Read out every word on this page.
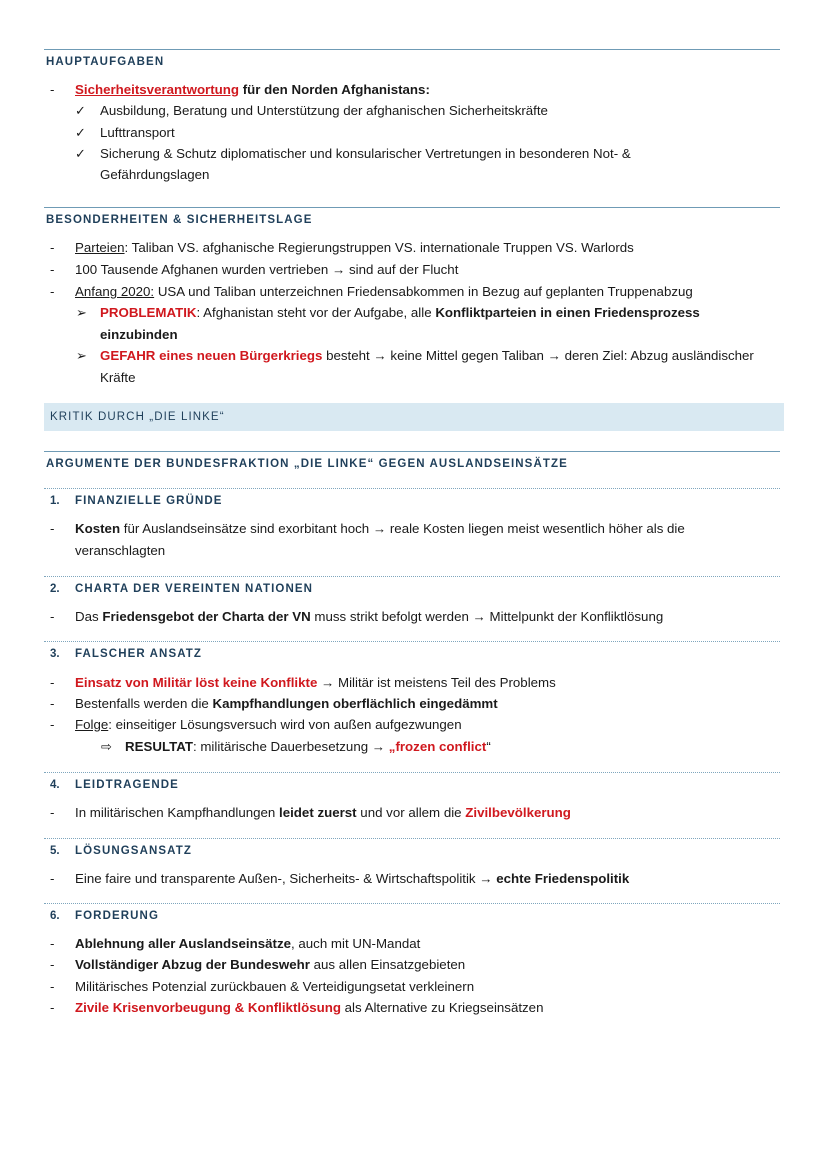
HAUPTAUFGABEN
- Sicherheitsverantwortung für den Norden Afghanistans:
✓ Ausbildung, Beratung und Unterstützung der afghanischen Sicherheitskräfte
✓ Lufttransport
✓ Sicherung & Schutz diplomatischer und konsularischer Vertretungen in besonderen Not- &
Gefährdungslagen
BESONDERHEITEN & SICHERHEITSLAGE
- Parteien: Taliban VS. afghanische Regierungstruppen VS. internationale Truppen VS. Warlords
- 100 Tausende Afghanen wurden vertrieben → sind auf der Flucht
- Anfang 2020: USA und Taliban unterzeichnen Friedensabkommen in Bezug auf geplanten Truppenabzug
➢ PROBLEMATIK: Afghanistan steht vor der Aufgabe, alle Konfliktparteien in einen Friedensprozess
einzubinden
➢ GEFAHR eines neuen Bürgerkriegs besteht → keine Mittel gegen Taliban → deren Ziel: Abzug ausländischer
Kräfte
KRITIK DURCH „DIE LINKE“
ARGUMENTE DER BUNDESFRAKTION „DIE LINKE“ GEGEN AUSLANDSEINSÄTZE
1. FINANZIELLE GRÜNDE
- Kosten für Auslandseinsätze sind exorbitant hoch → reale Kosten liegen meist wesentlich höher als die
veranschlagten
2. CHARTA DER VEREINTEN NATIONEN
- Das Friedensgebot der Charta der VN muss strikt befolgt werden → Mittelpunkt der Konfliktlösung
3. FALSCHER ANSATZ
- Einsatz von Militär löst keine Konflikte → Militär ist meistens Teil des Problems
- Bestenfalls werden die Kampfhandlungen oberflächlich eingedämmt
- Folge: einseitiger Lösungsversuch wird von außen aufgezwungen
⇨ RESULTAT: militärische Dauerbesetzung → „frozen conflict“
4. LEIDTRAGENDE
- In militärischen Kampfhandlungen leidet zuerst und vor allem die Zivilbevölkerung
5. LÖSUNGSANSATZ
- Eine faire und transparente Außen-, Sicherheits- & Wirtschaftspolitik → echte Friedenspolitik
6. FORDERUNG
- Ablehnung aller Auslandseinsätze, auch mit UN-Mandat
- Vollständiger Abzug der Bundeswehr aus allen Einsatzgebieten
- Militärisches Potenzial zurückbauen & Verteidigungsetat verkleinern
- Zivile Krisenvorbeugung & Konfliktlösung als Alternative zu Kriegseinsätzen
